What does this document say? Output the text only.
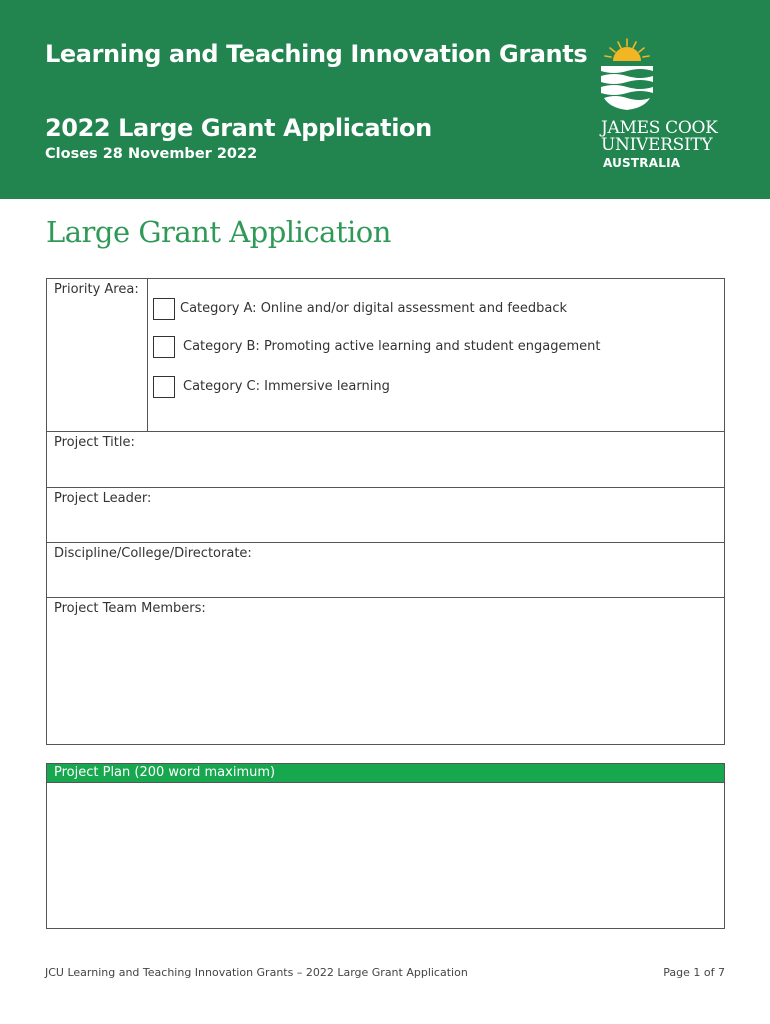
Learning and Teaching Innovation Grants
2022 Large Grant Application
Closes 28 November 2022
JAMES COOK
UNIVERSITY
AUSTRALIA
Large Grant Application
Priority Area:
Category A: Online and/or digital assessment and feedback
Category B: Promoting active learning and student engagement
Category C: Immersive learning
Project Title:
Project Leader:
Discipline/College/Directorate:
Project Team Members:
Project Plan (200 word maximum)
JCU Learning and Teaching Innovation Grants – 2022 Large Grant Application	Page 1 of 7
